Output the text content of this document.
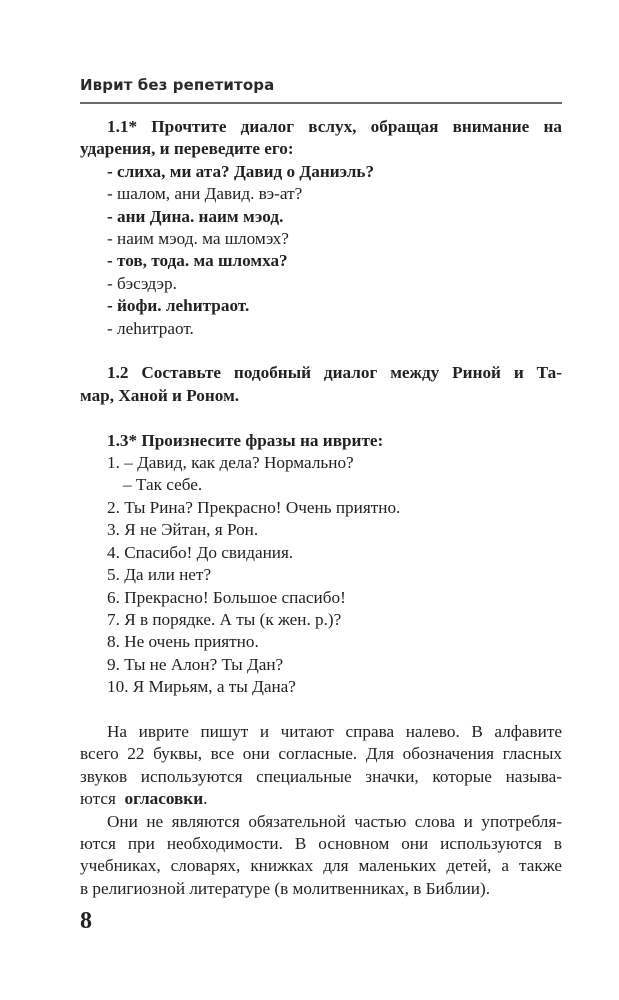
Иврит без репетитора
1.1* Прочтите диалог вслух, обращая внимание на
ударения, и переведите его:
- слиха, ми ата? Давид о Даниэль?
- шалом, ани Давид. вэ-ат?
- ани Дина. наим мэод.
- наим мэод. ма шломэх?
- тов, тода. ма шломха?
- бэсэдэр.
- йофи. леһитраот.
- леһитраот.
1.2 Составьте подобный диалог между Риной и Та-
мар, Ханой и Роном.
1.3* Произнесите фразы на иврите:
1. – Давид, как дела? Нормально?
– Так себе.
2. Ты Рина? Прекрасно! Очень приятно.
3. Я не Эйтан, я Рон.
4. Спасибо! До свидания.
5. Да или нет?
6. Прекрасно! Большое спасибо!
7. Я в порядке. А ты (к жен. р.)?
8. Не очень приятно.
9. Ты не Алон? Ты Дан?
10. Я Мирьям, а ты Дана?
На иврите пишут и читают справа налево. В алфавите
всего 22 буквы, все они согласные. Для обозначения гласных
звуков используются специальные значки, которые называ-
ются  огласовки.
Они не являются обязательной частью слова и употребля-
ются при необходимости. В основном они используются в
учебниках, словарях, книжках для маленьких детей, а также
в религиозной литературе (в молитвенниках, в Библии).
8
